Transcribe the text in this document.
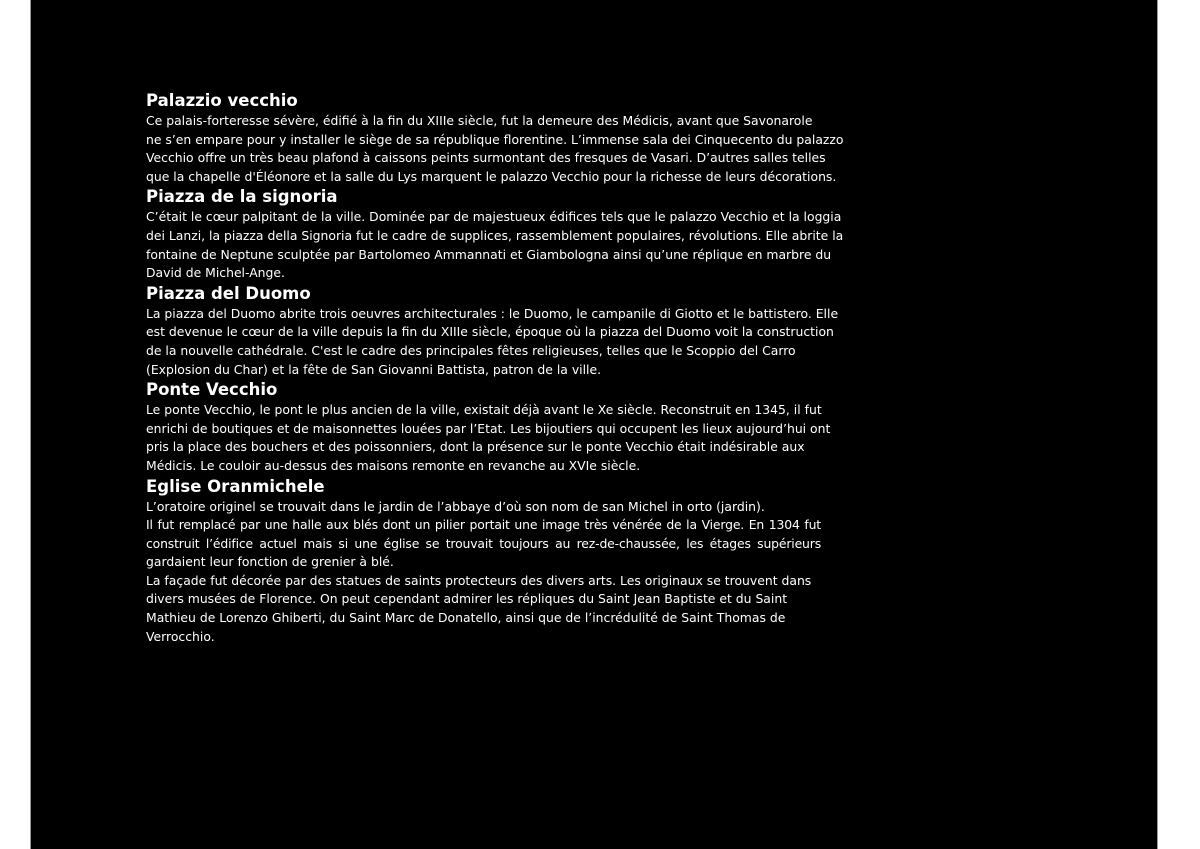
Palazzio vecchio
Ce palais-forteresse sévère, édifié à la fin du XIIIe siècle, fut la demeure des Médicis, avant que Savonarole
ne s’en empare pour y installer le siège de sa république florentine. L’immense sala dei Cinquecento du palazzo
Vecchio offre un très beau plafond à caissons peints surmontant des fresques de Vasari. D’autres salles telles
que la chapelle d'Éléonore et la salle du Lys marquent le palazzo Vecchio pour la richesse de leurs décorations.
Piazza de la signoria
C’était le cœur palpitant de la ville. Dominée par de majestueux édifices tels que le palazzo Vecchio et la loggia
dei Lanzi, la piazza della Signoria fut le cadre de supplices, rassemblement populaires, révolutions. Elle abrite la
fontaine de Neptune sculptée par Bartolomeo Ammannati et Giambologna ainsi qu’une réplique en marbre du
David de Michel-Ange.
Piazza del Duomo
La piazza del Duomo abrite trois oeuvres architecturales : le Duomo, le campanile di Giotto et le battistero. Elle
est devenue le cœur de la ville depuis la fin du XIIIe siècle, époque où la piazza del Duomo voit la construction
de la nouvelle cathédrale. C'est le cadre des principales fêtes religieuses, telles que le Scoppio del Carro
(Explosion du Char) et la fête de San Giovanni Battista, patron de la ville.
Ponte Vecchio
Le ponte Vecchio, le pont le plus ancien de la ville, existait déjà avant le Xe siècle. Reconstruit en 1345, il fut
enrichi de boutiques et de maisonnettes louées par l’Etat. Les bijoutiers qui occupent les lieux aujourd’hui ont
pris la place des bouchers et des poissonniers, dont la présence sur le ponte Vecchio était indésirable aux
Médicis. Le couloir au-dessus des maisons remonte en revanche au XVIe siècle.
Eglise Oranmichele
L’oratoire originel se trouvait dans le jardin de l’abbaye d’où son nom de san Michel in orto (jardin).
Il fut remplacé par une halle aux blés dont un pilier portait une image très vénérée de la Vierge. En 1304 fut
construit l’édifice actuel mais si une église se trouvait toujours au rez-de-chaussée, les étages supérieurs
gardaient leur fonction de grenier à blé.
La façade fut décorée par des statues de saints protecteurs des divers arts. Les originaux se trouvent dans
divers musées de Florence. On peut cependant admirer les répliques du Saint Jean Baptiste et du Saint
Mathieu de Lorenzo Ghiberti, du Saint Marc de Donatello, ainsi que de l’incrédulité de Saint Thomas de
Verrocchio.
